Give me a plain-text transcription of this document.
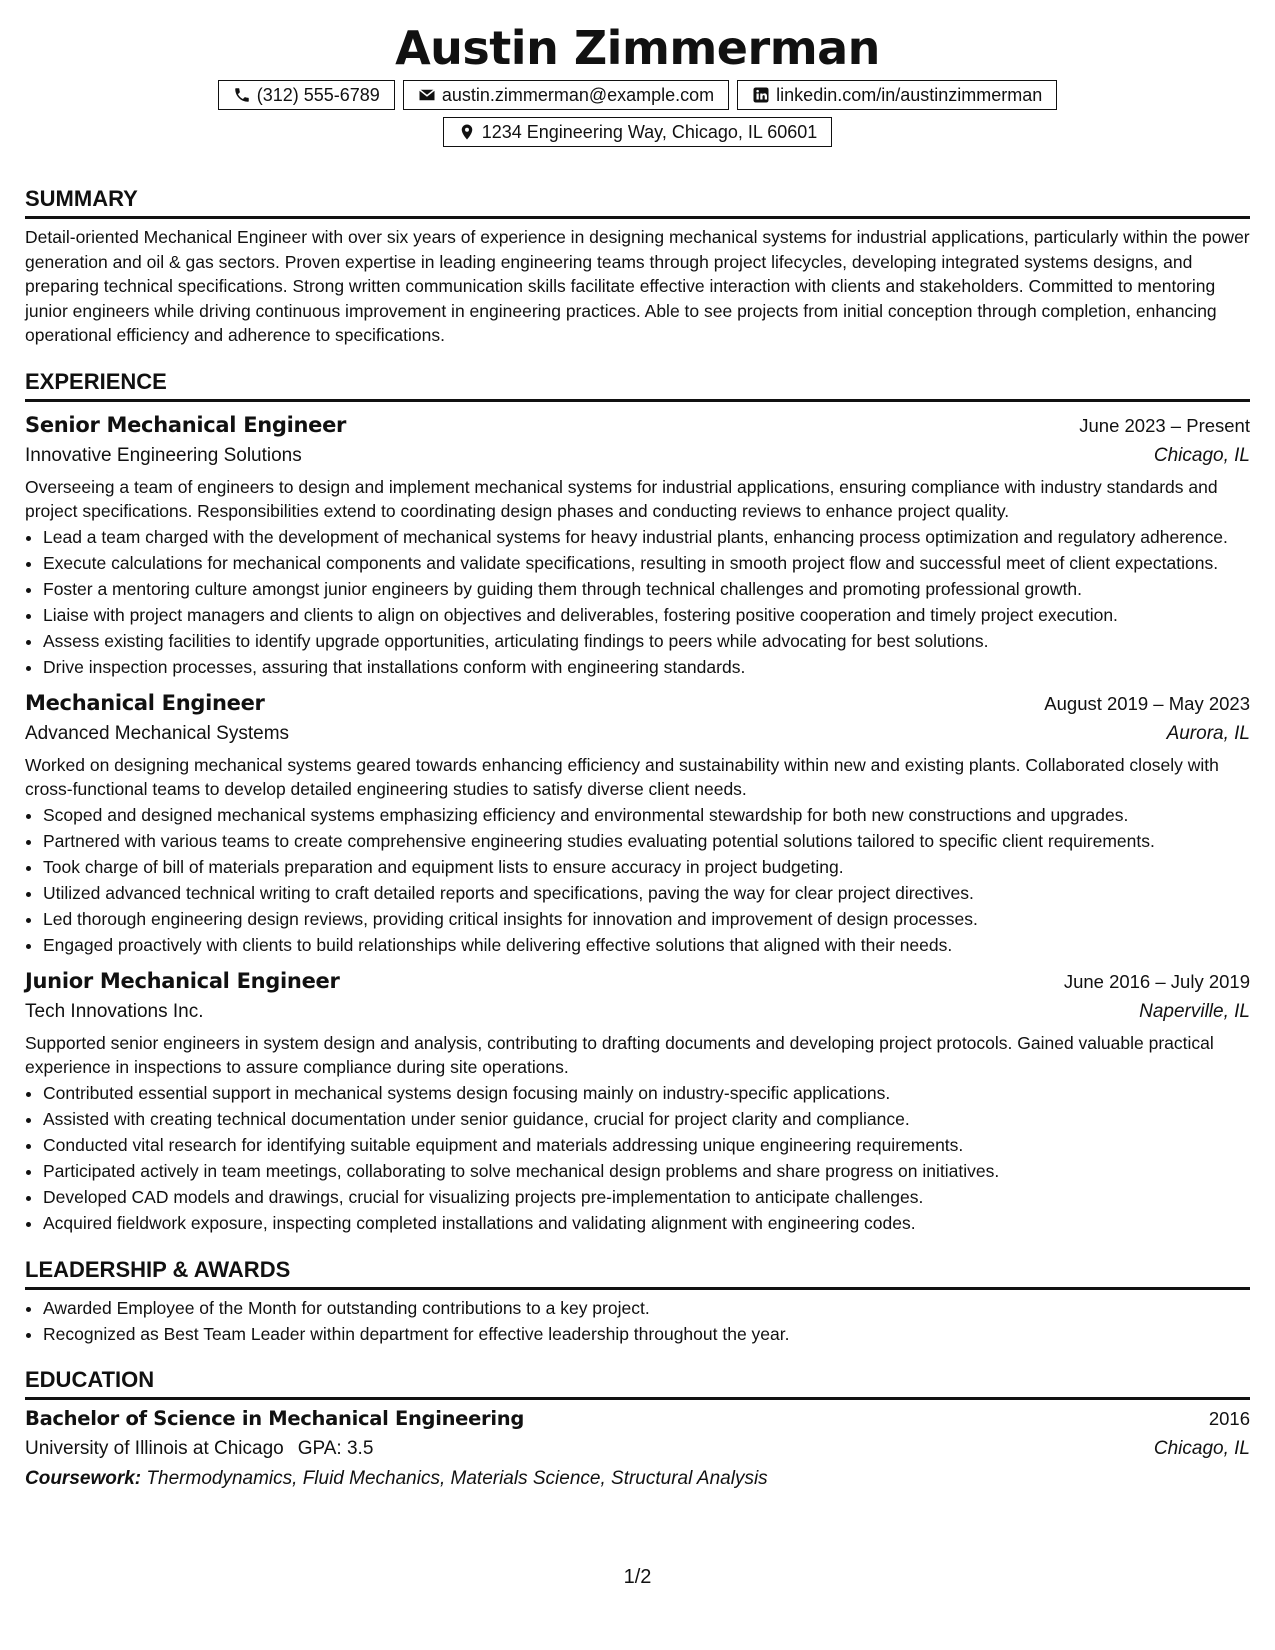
Austin Zimmerman
(312) 555-6789	austin.zimmerman@example.com	linkedin.com/in/austinzimmerman
1234 Engineering Way, Chicago, IL 60601
SUMMARY

Detail-oriented Mechanical Engineer with over six years of experience in designing mechanical systems for industrial applications, particularly within the power generation and oil & gas sectors. Proven expertise in leading engineering teams through project lifecycles, developing integrated systems designs, and preparing technical specifications. Strong written communication skills facilitate effective interaction with clients and stakeholders. Committed to mentoring junior engineers while driving continuous improvement in engineering practices. Able to see projects from initial conception through completion, enhancing operational efficiency and adherence to specifications.

EXPERIENCE
Senior Mechanical Engineer	June 2023 – Present
Innovative Engineering Solutions	Chicago, IL

Overseeing a team of engineers to design and implement mechanical systems for industrial applications, ensuring compliance with industry standards and project specifications. Responsibilities extend to coordinating design phases and conducting reviews to enhance project quality.

• Lead a team charged with the development of mechanical systems for heavy industrial plants, enhancing process optimization and regulatory adherence.
• Execute calculations for mechanical components and validate specifications, resulting in smooth project flow and successful meet of client expectations.
• Foster a mentoring culture amongst junior engineers by guiding them through technical challenges and promoting professional growth.
• Liaise with project managers and clients to align on objectives and deliverables, fostering positive cooperation and timely project execution.
• Assess existing facilities to identify upgrade opportunities, articulating findings to peers while advocating for best solutions.
• Drive inspection processes, assuring that installations conform with engineering standards.
Mechanical Engineer	August 2019 – May 2023
Advanced Mechanical Systems	Aurora, IL

Worked on designing mechanical systems geared towards enhancing efficiency and sustainability within new and existing plants. Collaborated closely with cross-functional teams to develop detailed engineering studies to satisfy diverse client needs.

• Scoped and designed mechanical systems emphasizing efficiency and environmental stewardship for both new constructions and upgrades.
• Partnered with various teams to create comprehensive engineering studies evaluating potential solutions tailored to specific client requirements.
• Took charge of bill of materials preparation and equipment lists to ensure accuracy in project budgeting.
• Utilized advanced technical writing to craft detailed reports and specifications, paving the way for clear project directives.
• Led thorough engineering design reviews, providing critical insights for innovation and improvement of design processes.
• Engaged proactively with clients to build relationships while delivering effective solutions that aligned with their needs.
Junior Mechanical Engineer	June 2016 – July 2019
Tech Innovations Inc.	Naperville, IL

Supported senior engineers in system design and analysis, contributing to drafting documents and developing project protocols. Gained valuable practical experience in inspections to assure compliance during site operations.

• Contributed essential support in mechanical systems design focusing mainly on industry-specific applications.
• Assisted with creating technical documentation under senior guidance, crucial for project clarity and compliance.
• Conducted vital research for identifying suitable equipment and materials addressing unique engineering requirements.
• Participated actively in team meetings, collaborating to solve mechanical design problems and share progress on initiatives.
• Developed CAD models and drawings, crucial for visualizing projects pre-implementation to anticipate challenges.
• Acquired fieldwork exposure, inspecting completed installations and validating alignment with engineering codes.
LEADERSHIP & AWARDS
• Awarded Employee of the Month for outstanding contributions to a key project.
• Recognized as Best Team Leader within department for effective leadership throughout the year.
EDUCATION
Bachelor of Science in Mechanical Engineering	2016
University of Illinois at Chicago GPA: 3.5	Chicago, IL
Coursework: Thermodynamics, Fluid Mechanics, Materials Science, Structural Analysis
1/2
